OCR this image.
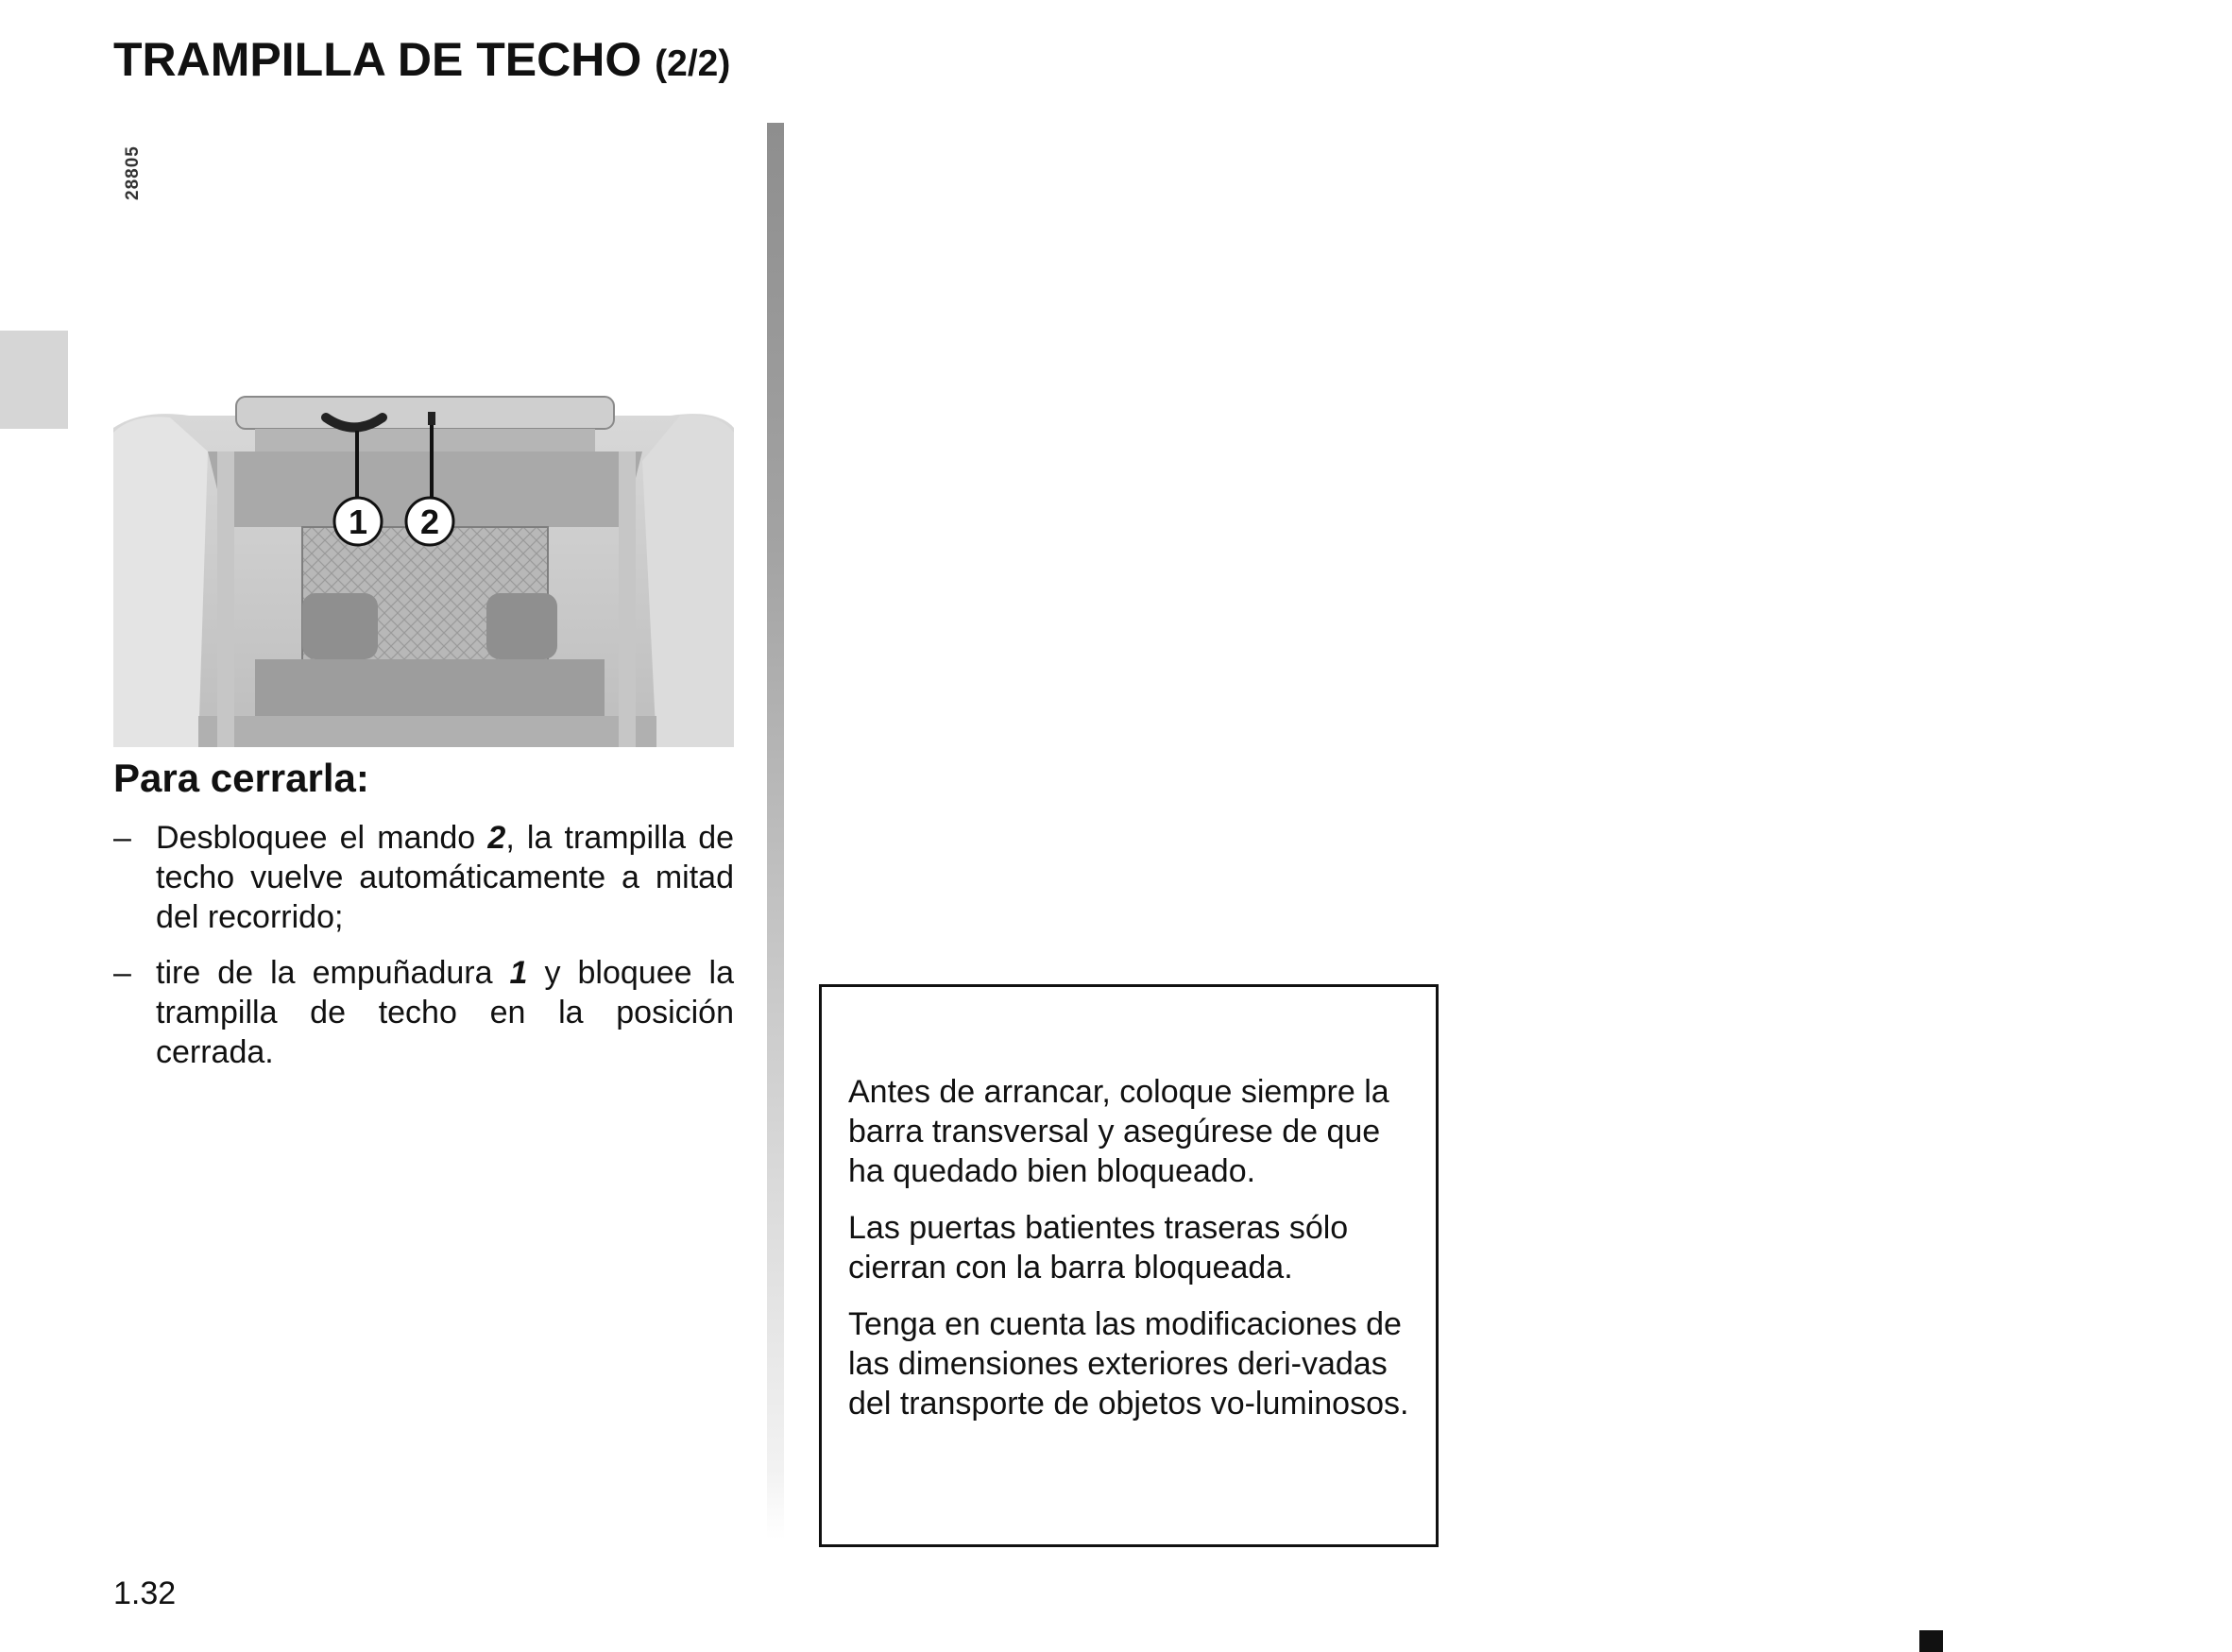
TRAMPILLA DE TECHO (2/2)
28805
1 2
Para cerrarla:
– Desbloquee el mando 2, la trampilla de techo vuelve automáticamente a mitad del recorrido;
– tire de la empuñadura 1 y bloquee la trampilla de techo en la posición cerrada.

Antes de arrancar, coloque siempre la barra transversal y asegúrese de que ha quedado bien bloqueado.

Las puertas batientes traseras sólo cierran con la barra bloqueada.

Tenga en cuenta las modificaciones de las dimensiones exteriores deri-vadas del transporte de objetos vo-luminosos.

1.32
